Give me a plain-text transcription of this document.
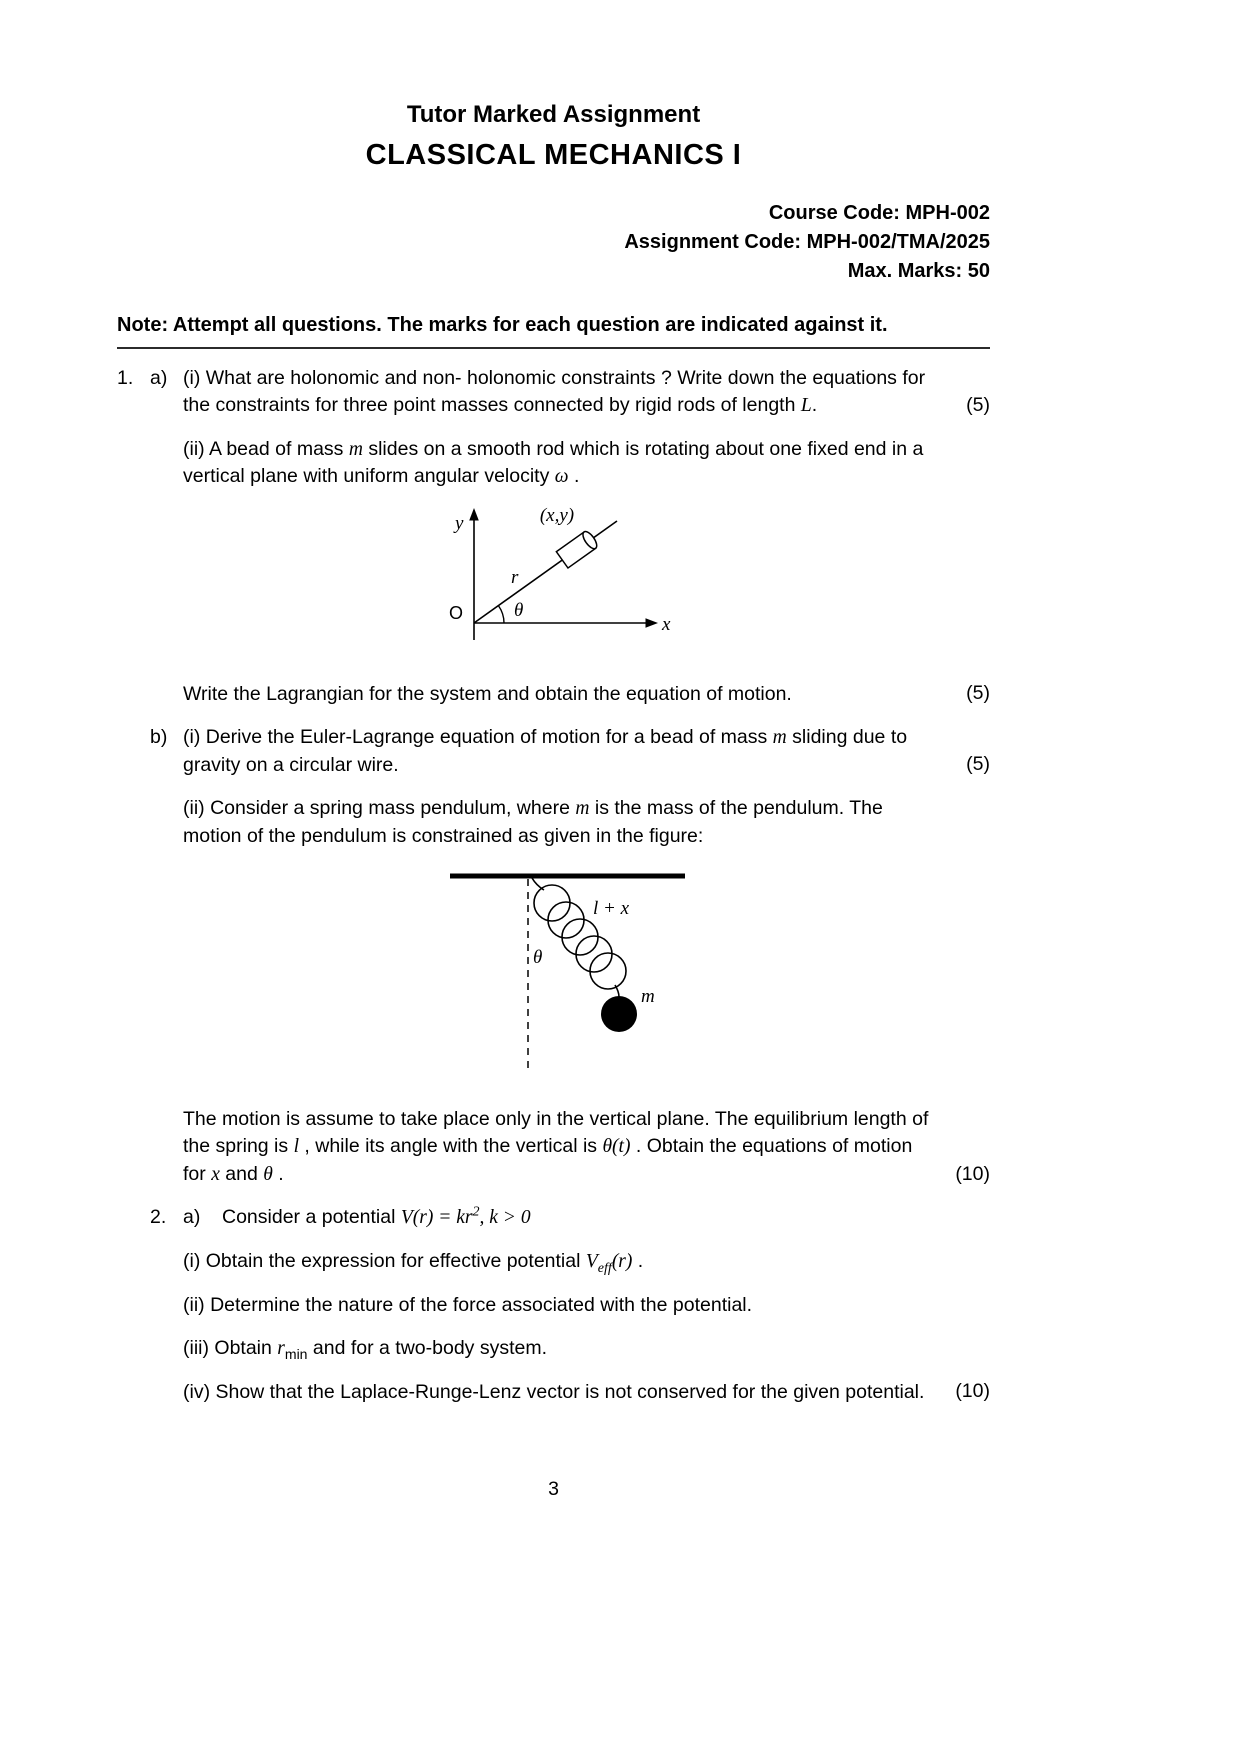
Tutor Marked Assignment
CLASSICAL MECHANICS I
Course Code: MPH-002
Assignment Code: MPH-002/TMA/2025
Max. Marks: 50
Note: Attempt all questions. The marks for each question are indicated against it.
1. a) (i) What are holonomic and non- holonomic constraints ? Write down the equations for the constraints for three point masses connected by rigid rods of length L.	(5)
(ii) A bead of mass m slides on a smooth rod which is rotating about one fixed end in a vertical plane with uniform angular velocity ω .
y
x
O
(x,y)
r
θ
Write the Lagrangian for the system and obtain the equation of motion.	(5)
b) (i) Derive the Euler-Lagrange equation of motion for a bead of mass m sliding due to gravity on a circular wire.	(5)
(ii) Consider a spring mass pendulum, where m is the mass of the pendulum. The motion of the pendulum is constrained as given in the figure:
l + x
θ
m
The motion is assume to take place only in the vertical plane. The equilibrium length of the spring is l , while its angle with the vertical is θ(t) . Obtain the equations of motion for x and θ .	(10)
2. a)	Consider a potential $V(r) = kr^2$, k > 0
(i) Obtain the expression for effective potential $V_{eff}(r)$ .
(ii) Determine the nature of the force associated with the potential.
(iii) Obtain $r_{min}$ and for a two-body system.
(iv) Show that the Laplace-Runge-Lenz vector is not conserved for the given potential. (10)
3
